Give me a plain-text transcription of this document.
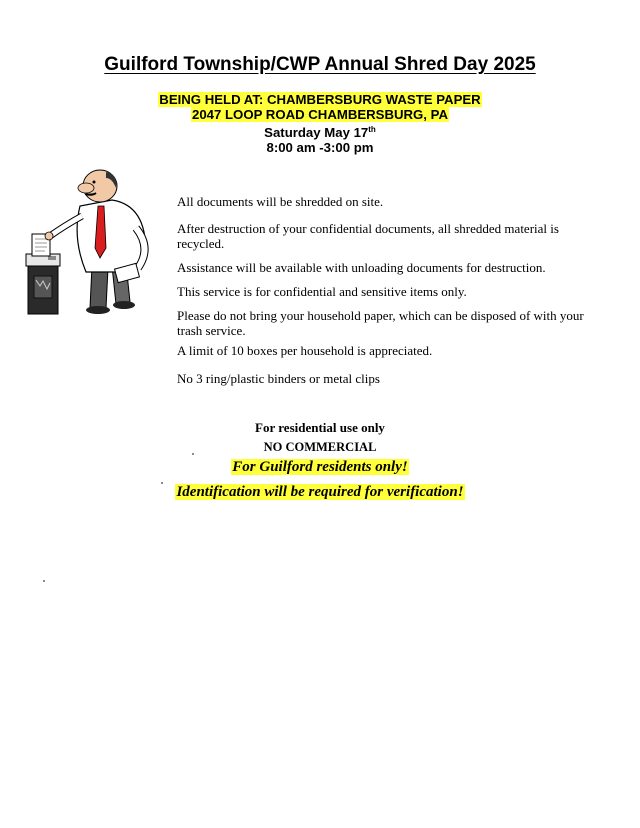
Guilford Township/CWP Annual Shred Day 2025
BEING HELD AT: CHAMBERSBURG WASTE PAPER
2047 LOOP ROAD CHAMBERSBURG, PA
Saturday May 17th
8:00 am -3:00 pm

All documents will be shredded on site.

After destruction of your confidential documents, all shredded material is recycled.

Assistance will be available with unloading documents for destruction.

This service is for confidential and sensitive items only.

Please do not bring your household paper, which can be disposed of with your trash service.

A limit of 10 boxes per household is appreciated.

No 3 ring/plastic binders or metal clips

For residential use only
NO COMMERCIAL
For Guilford residents only!
Identification will be required for verification!
